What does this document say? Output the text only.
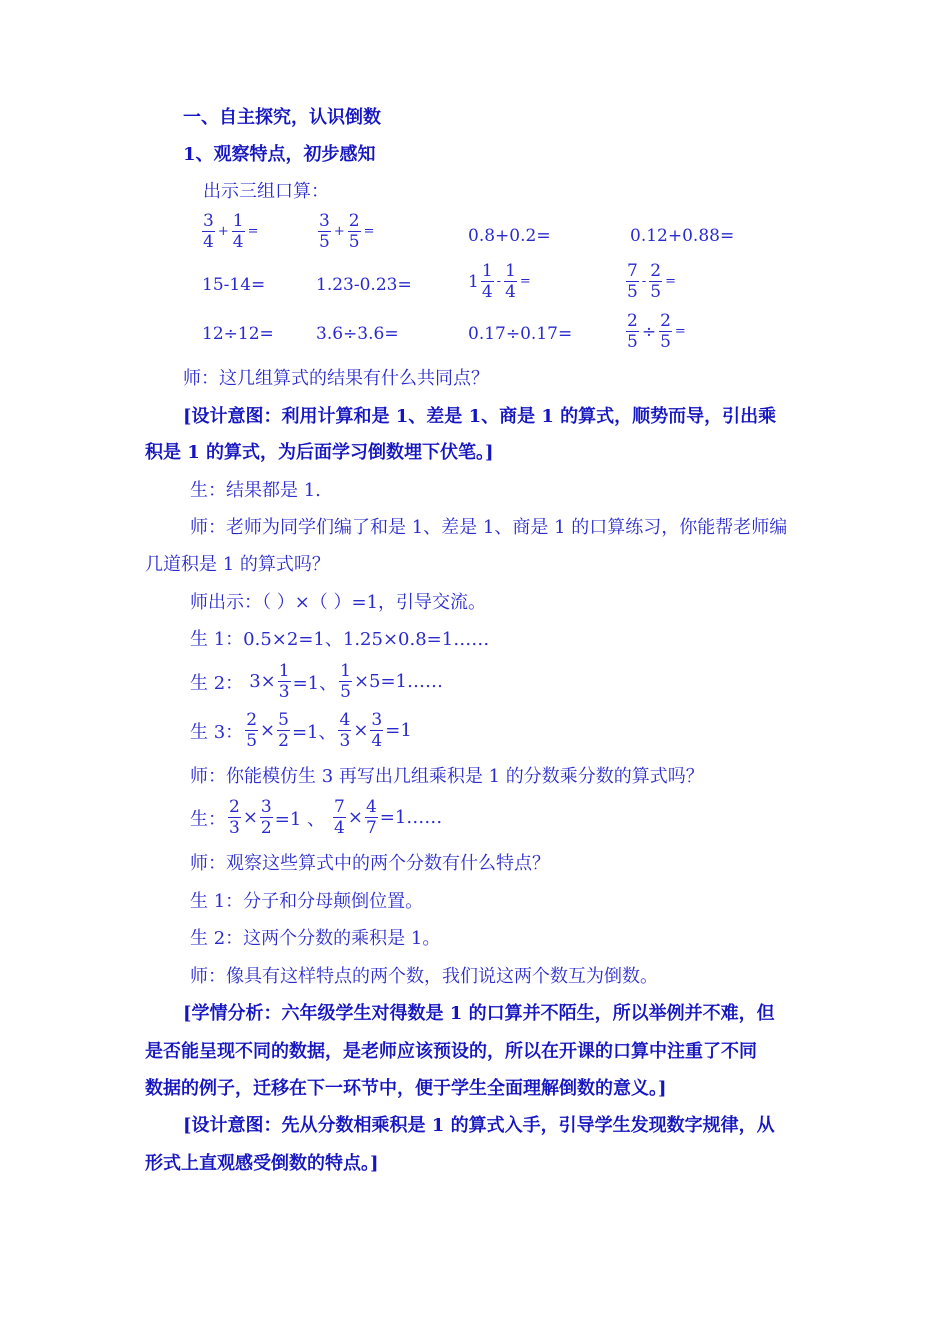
一、自主探究，认识倒数
1、观察特点，初步感知
出示三组口算：
$\frac{3}{4} + \frac{1}{4}$ =	$\frac{3}{5} + \frac{2}{5}$ =	0.8+0.2=	0.12+0.88=
15-14=	1.23-0.23=	$1 \frac{1}{4} - \frac{1}{4}$ =	$\frac{7}{5} - \frac{2}{5}$ =
12÷12= 3.6÷3.6=	0.17÷0.17=	$\frac{2}{5} \div \frac{2}{5}$ =
师：这几组算式的结果有什么共同点？
[设计意图：利用计算和是 1、差是 1、商是 1 的算式，顺势而导，引出乘
积是 1 的算式，为后面学习倒数埋下伏笔。]
生：结果都是 1.
师：老师为同学们编了和是 1、差是 1、商是 1 的口算练习，你能帮老师编
几道积是 1 的算式吗？
师出示：（ ）×（ ）=1，引导交流。
生 1：0.5×2=1、1.25×0.8=1……
生 2： $3\times \frac{1}{3} =1$、 $\frac{1}{5}$ ×5=1……
生 3： $\frac{2}{5} \times \frac{5}{2} =1$、 $\frac{4}{3} \times \frac{3}{4} =1$
师：你能模仿生 3 再写出几组乘积是 1 的分数乘分数的算式吗？
生： $\frac{2}{3} \times \frac{3}{2} =1$ 、 $\frac{7}{4} \times \frac{4}{7}$ =1……
师：观察这些算式中的两个分数有什么特点？
生 1：分子和分母颠倒位置。
生 2：这两个分数的乘积是 1。
师：像具有这样特点的两个数，我们说这两个数互为倒数。
[学情分析：六年级学生对得数是 1 的口算并不陌生，所以举例并不难，但
是否能呈现不同的数据，是老师应该预设的，所以在开课的口算中注重了不同
数据的例子，迁移在下一环节中，便于学生全面理解倒数的意义。]
[设计意图：先从分数相乘积是 1 的算式入手，引导学生发现数字规律，从
形式上直观感受倒数的特点。]
